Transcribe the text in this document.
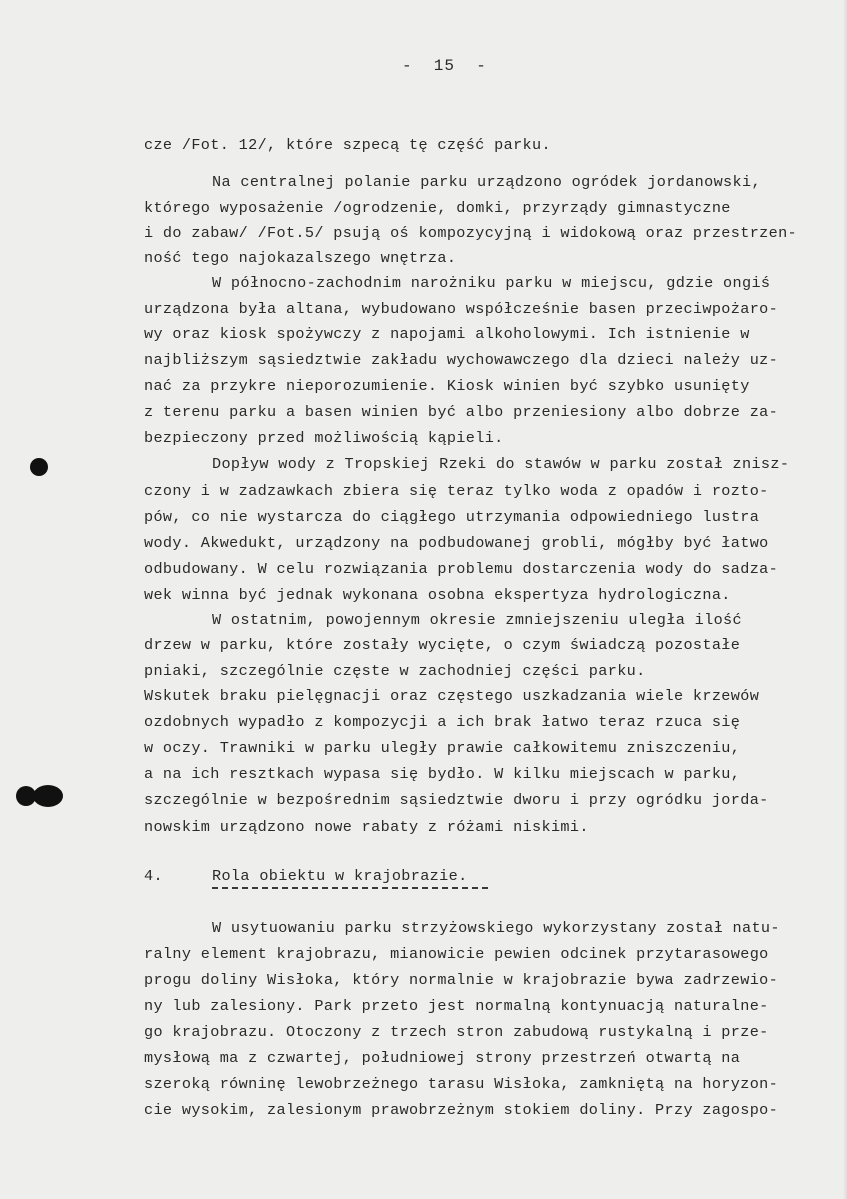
-  15  -
cze /Fot. 12/, które szpecą tę część parku.
Na centralnej polanie parku urządzono ogródek jordanowski,
którego wyposażenie /ogrodzenie, domki, przyrządy gimnastyczne
i do zabaw/ /Fot.5/ psują oś kompozycyjną i widokową oraz przestrzen-
ność tego najokazalszego wnętrza.
W północno-zachodnim narożniku parku w miejscu, gdzie ongiś
urządzona była altana, wybudowano współcześnie basen przeciwpożaro-
wy oraz kiosk spożywczy z napojami alkoholowymi. Ich istnienie w
najbliższym sąsiedztwie zakładu wychowawczego dla dzieci należy uz-
nać za przykre nieporozumienie. Kiosk winien być szybko usunięty
z terenu parku a basen winien być albo przeniesiony albo dobrze za-
bezpieczony przed możliwością kąpieli.
Dopływ wody z Tropskiej Rzeki do stawów w parku został znisz-
czony i w zadzawkach zbiera się teraz tylko woda z opadów i rozto-
pów, co nie wystarcza do ciągłego utrzymania odpowiedniego lustra
wody. Akwedukt, urządzony na podbudowanej grobli, mógłby być łatwo
odbudowany. W celu rozwiązania problemu dostarczenia wody do sadza-
wek winna być jednak wykonana osobna ekspertyza hydrologiczna.
W ostatnim, powojennym okresie zmniejszeniu uległa ilość
drzew w parku, które zostały wycięte, o czym świadczą pozostałe
pniaki, szczególnie częste w zachodniej części parku.
Wskutek braku pielęgnacji oraz częstego uszkadzania wiele krzewów
ozdobnych wypadło z kompozycji a ich brak łatwo teraz rzuca się
w oczy. Trawniki w parku uległy prawie całkowitemu zniszczeniu,
a na ich resztkach wypasa się bydło. W kilku miejscach w parku,
szczególnie w bezpośrednim sąsiedztwie dworu i przy ogródku jorda-
nowskim urządzono nowe rabaty z różami niskimi.
4.	Rola obiektu w krajobrazie.
W usytuowaniu parku strzyżowskiego wykorzystany został natu-
ralny element krajobrazu, mianowicie pewien odcinek przytarasowego
progu doliny Wisłoka, który normalnie w krajobrazie bywa zadrzewio-
ny lub zalesiony. Park przeto jest normalną kontynuacją naturalne-
go krajobrazu. Otoczony z trzech stron zabudową rustykalną i prze-
mysłową ma z czwartej, południowej strony przestrzeń otwartą na
szeroką równinę lewobrzeżnego tarasu Wisłoka, zamkniętą na horyzon-
cie wysokim, zalesionym prawobrzeżnym stokiem doliny. Przy zagospo-
